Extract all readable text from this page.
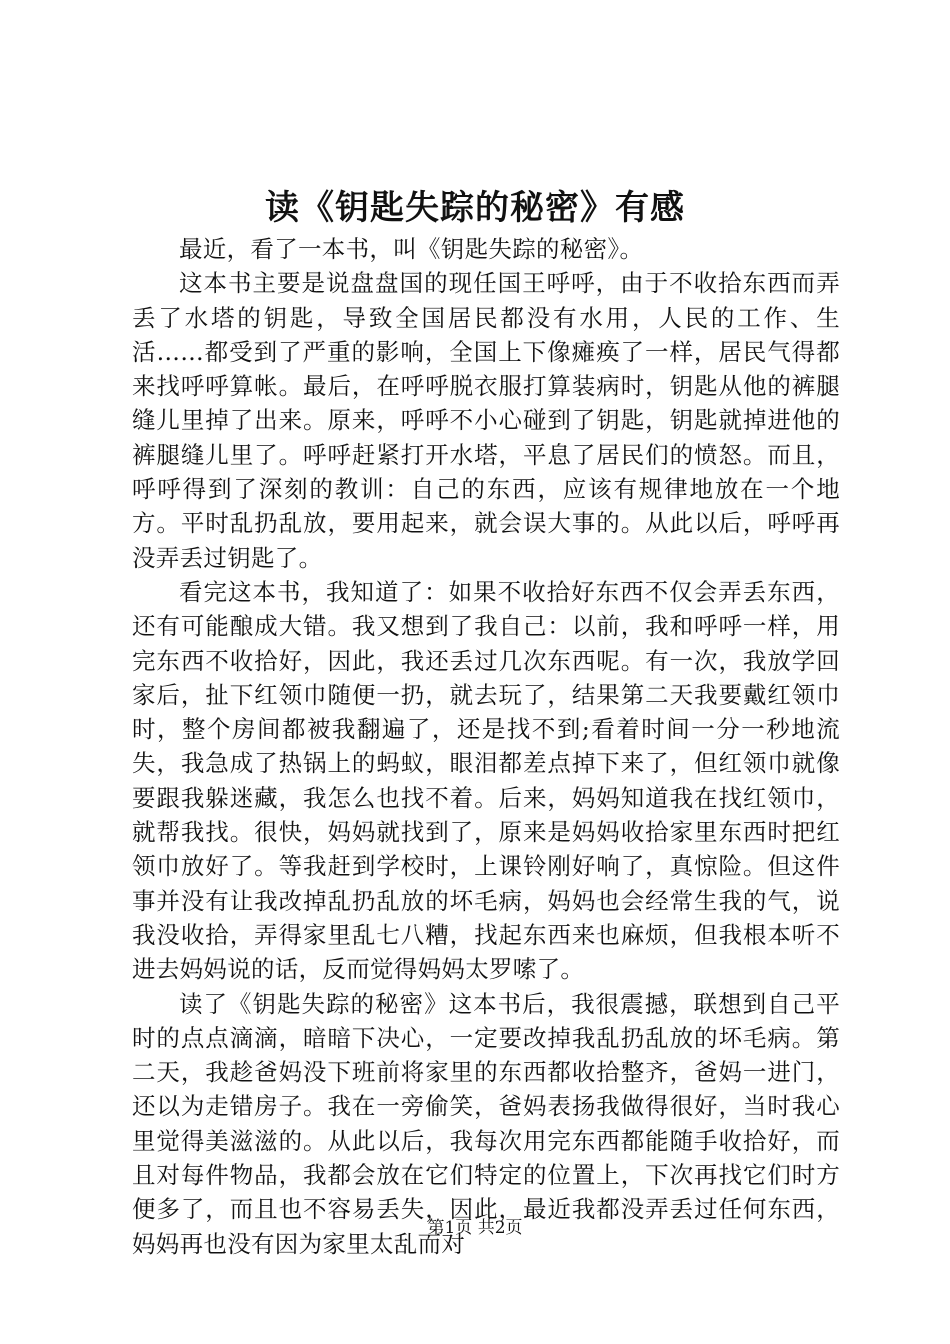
读《钥匙失踪的秘密》有感

最近，看了一本书，叫《钥匙失踪的秘密》。

这本书主要是说盘盘国的现任国王呼呼，由于不收拾东西而弄丢了水塔的钥匙，导致全国居民都没有水用，人民的工作、生活……都受到了严重的影响，全国上下像瘫痪了一样，居民气得都来找呼呼算帐。最后，在呼呼脱衣服打算装病时，钥匙从他的裤腿缝儿里掉了出来。原来，呼呼不小心碰到了钥匙，钥匙就掉进他的裤腿缝儿里了。呼呼赶紧打开水塔，平息了居民们的愤怒。而且，呼呼得到了深刻的教训：自己的东西，应该有规律地放在一个地方。平时乱扔乱放，要用起来，就会误大事的。从此以后，呼呼再没弄丢过钥匙了。

看完这本书，我知道了：如果不收拾好东西不仅会弄丢东西，还有可能酿成大错。我又想到了我自己：以前，我和呼呼一样，用完东西不收拾好，因此，我还丢过几次东西呢。有一次，我放学回家后，扯下红领巾随便一扔，就去玩了，结果第二天我要戴红领巾时，整个房间都被我翻遍了，还是找不到;看着时间一分一秒地流失，我急成了热锅上的蚂蚁，眼泪都差点掉下来了，但红领巾就像要跟我躲迷藏，我怎么也找不着。后来，妈妈知道我在找红领巾，就帮我找。很快，妈妈就找到了，原来是妈妈收拾家里东西时把红领巾放好了。等我赶到学校时，上课铃刚好响了，真惊险。但这件事并没有让我改掉乱扔乱放的坏毛病，妈妈也会经常生我的气，说我没收拾，弄得家里乱七八糟，找起东西来也麻烦，但我根本听不进去妈妈说的话，反而觉得妈妈太罗嗦了。

读了《钥匙失踪的秘密》这本书后，我很震撼，联想到自己平时的点点滴滴，暗暗下决心，一定要改掉我乱扔乱放的坏毛病。第二天，我趁爸妈没下班前将家里的东西都收拾整齐，爸妈一进门，还以为走错房子。我在一旁偷笑，爸妈表扬我做得很好，当时我心里觉得美滋滋的。从此以后，我每次用完东西都能随手收拾好，而且对每件物品，我都会放在它们特定的位置上，下次再找它们时方便多了，而且也不容易丢失，因此，最近我都没弄丢过任何东西，妈妈再也没有因为家里太乱而对

第1页 共2页
